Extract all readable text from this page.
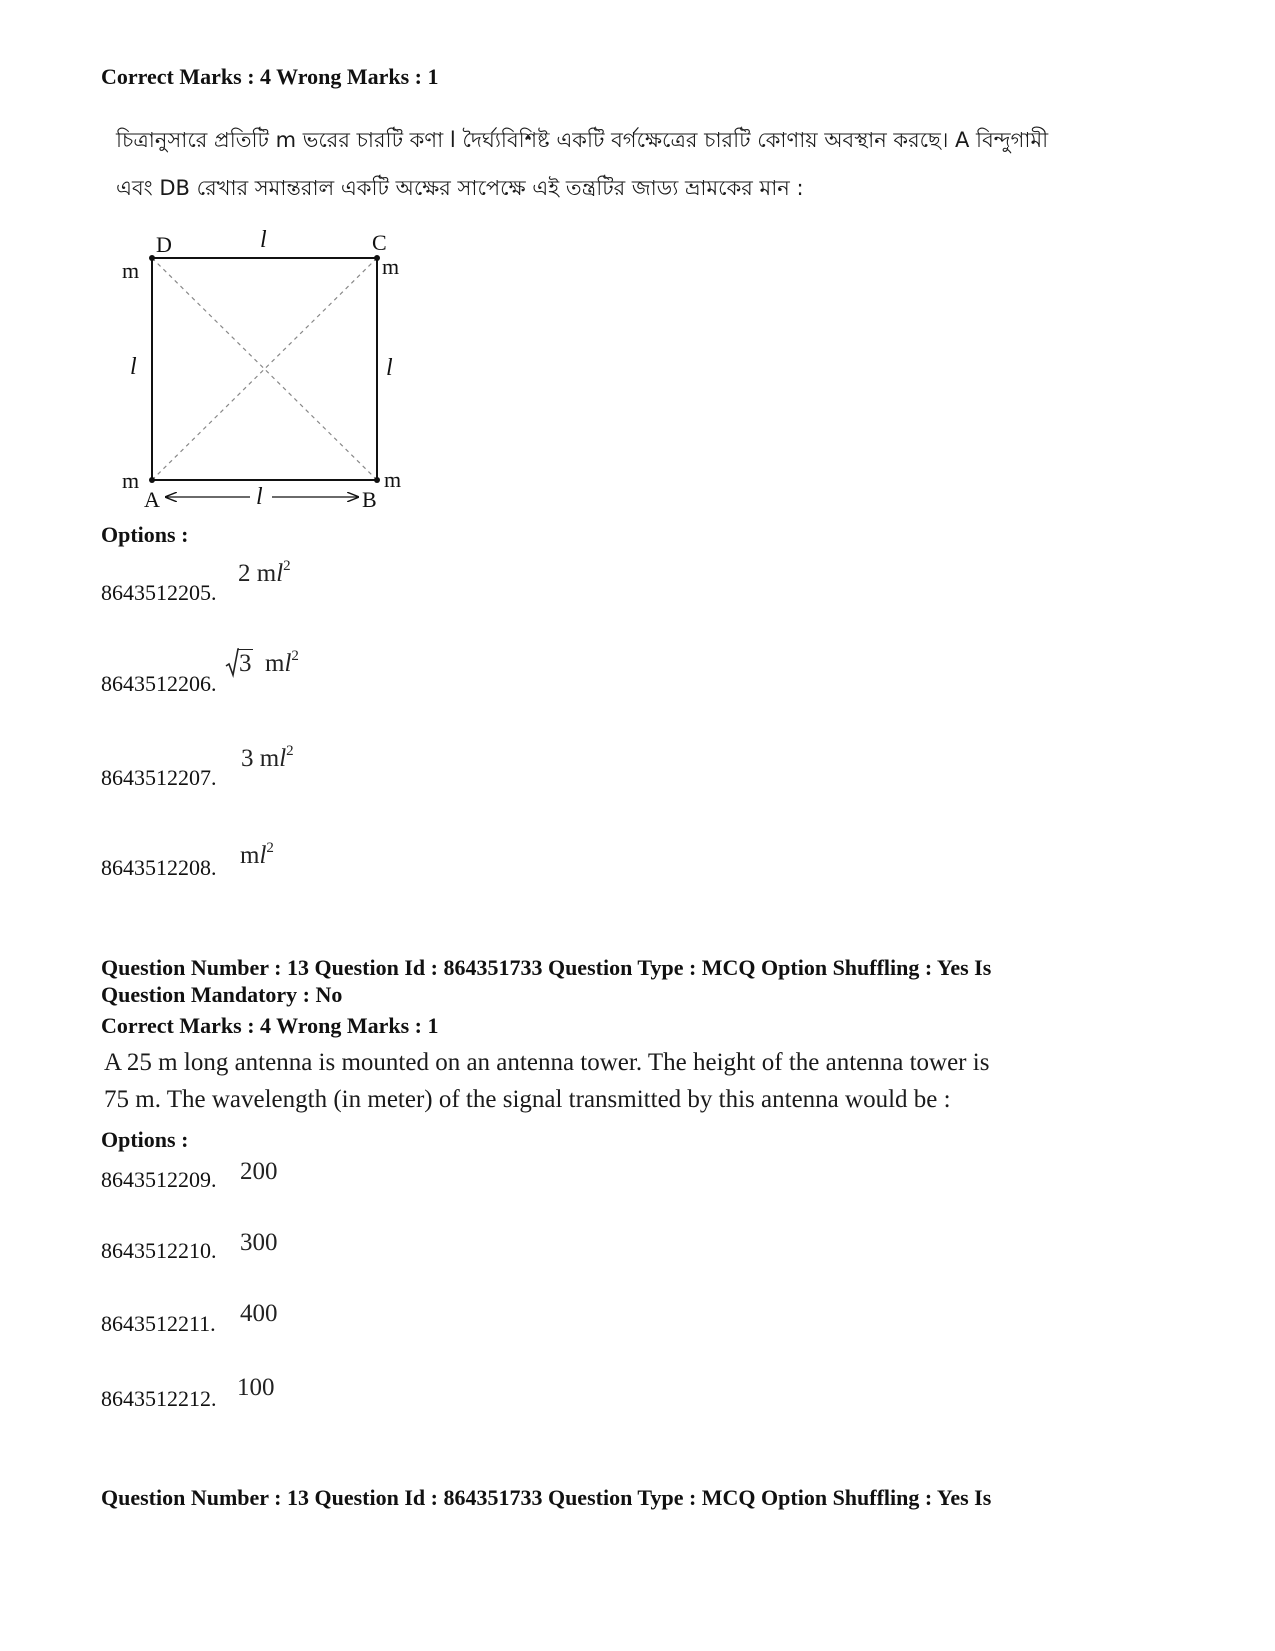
Correct Marks : 4 Wrong Marks : 1
চিত্রানুসারে প্রতিটি m ভরের চারটি কণা l দৈর্ঘ্যবিশিষ্ট একটি বর্গক্ষেত্রের চারটি কোণায় অবস্থান করছে। A বিন্দুগামী
এবং DB রেখার সমান্তরাল একটি অক্ষের সাপেক্ষে এই তন্ত্রটির জাড্য ভ্রামকের মান :
D	C
A	B
m	m
m	m
l
l	l
l
Options :
8643512205.
2 $ml^2$
8643512206.
3 $ml^2$
8643512207.
3 $ml^2$
8643512208. $ml^2$
Question Number : 13 Question Id : 864351733 Question Type : MCQ Option Shuffling : Yes Is
Question Mandatory : No
Correct Marks : 4 Wrong Marks : 1
A 25 m long antenna is mounted on an antenna tower. The height of the antenna tower is
75 m. The wavelength (in meter) of the signal transmitted by this antenna would be :
Options :
8643512209. 200
8643512210. 300
8643512211. 400
8643512212. 100
Question Number : 13 Question Id : 864351733 Question Type : MCQ Option Shuffling : Yes Is
